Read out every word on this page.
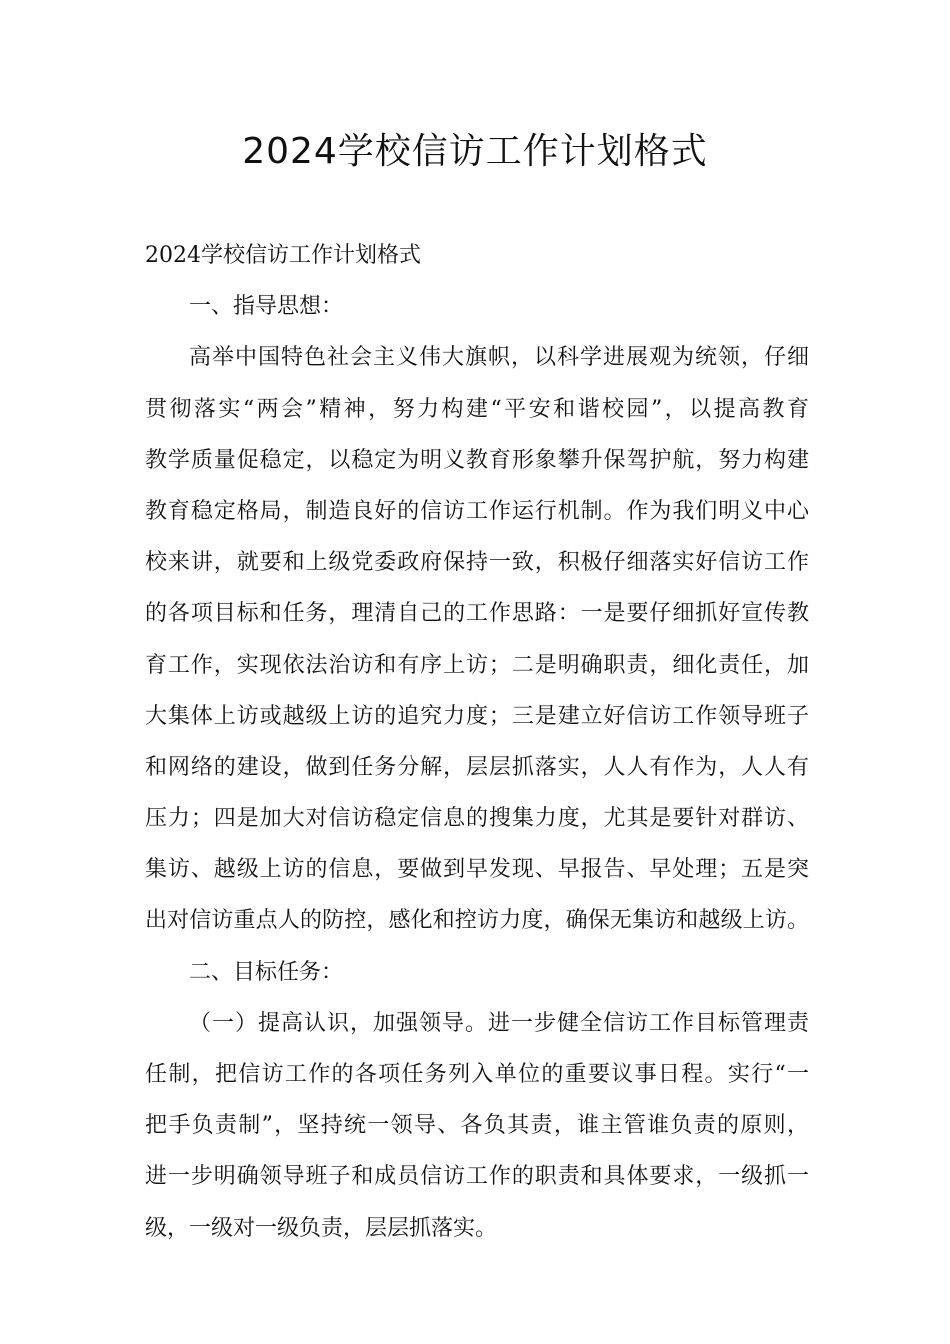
2024学校信访工作计划格式
2024学校信访工作计划格式
一、指导思想：
高举中国特色社会主义伟大旗帜，以科学进展观为统领，仔细
贯彻落实“两会”精神，努力构建“平安和谐校园”，以提高教育
教学质量促稳定，以稳定为明义教育形象攀升保驾护航，努力构建
教育稳定格局，制造良好的信访工作运行机制。作为我们明义中心
校来讲，就要和上级党委政府保持一致，积极仔细落实好信访工作
的各项目标和任务，理清自己的工作思路：一是要仔细抓好宣传教
育工作，实现依法治访和有序上访；二是明确职责，细化责任，加
大集体上访或越级上访的追究力度；三是建立好信访工作领导班子
和网络的建设，做到任务分解，层层抓落实，人人有作为，人人有
压力；四是加大对信访稳定信息的搜集力度，尤其是要针对群访、
集访、越级上访的信息，要做到早发现、早报告、早处理；五是突
出对信访重点人的防控，感化和控访力度，确保无集访和越级上访。
二、目标任务：
（一）提高认识，加强领导。进一步健全信访工作目标管理责
任制，把信访工作的各项任务列入单位的重要议事日程。实行“一
把手负责制”，坚持统一领导、各负其责，谁主管谁负责的原则，
进一步明确领导班子和成员信访工作的职责和具体要求，一级抓一
级，一级对一级负责，层层抓落实。
